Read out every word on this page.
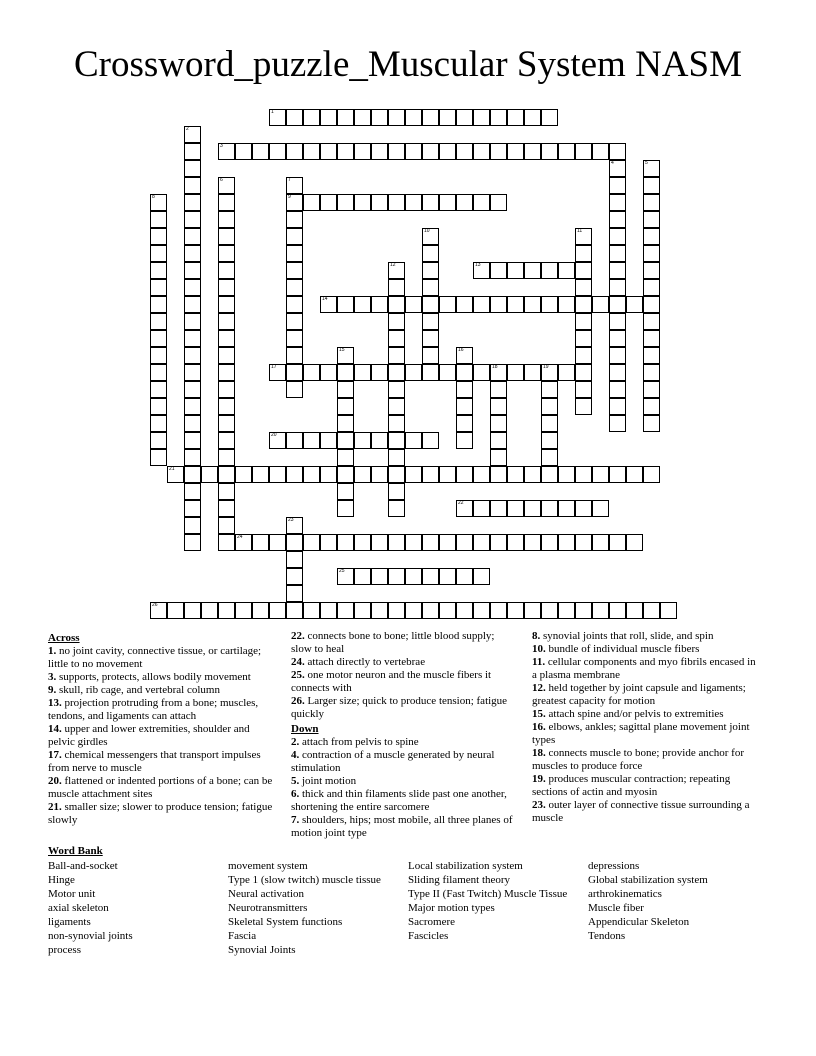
Crossword_puzzle_Muscular System NASM
1
2
3
4	5
6	7
9
8
10	11
12	13
14
15	16
17	18	19
20
21
22
23
24
25
26
Across

1. no joint cavity, connective tissue, or cartilage; little to no movement

3. supports, protects, allows bodily movement

9. skull, rib cage, and vertebral column

13. projection protruding from a bone; muscles, tendons, and ligaments can attach

14. upper and lower extremities, shoulder and pelvic girdles

17. chemical messengers that transport impulses from nerve to muscle

20. flattened or indented portions of a bone; can be muscle attachment sites

21. smaller size; slower to produce tension; fatigue slowly

22. connects bone to bone; little blood supply; slow to heal

24. attach directly to vertebrae

25. one motor neuron and the muscle fibers it connects with

26. Larger size; quick to produce tension; fatigue quickly

Down

2. attach from pelvis to spine

4. contraction of a muscle generated by neural stimulation

5. joint motion

6. thick and thin filaments slide past one another, shortening the entire sarcomere

7. shoulders, hips; most mobile, all three planes of motion joint type

8. synovial joints that roll, slide, and spin

10. bundle of individual muscle fibers

11. cellular components and myo fibrils encased in a plasma membrane

12. held together by joint capsule and ligaments; greatest capacity for motion

15. attach spine and/or pelvis to extremities

16. elbows, ankles; sagittal plane movement joint types

18. connects muscle to bone; provide anchor for muscles to produce force

19. produces muscular contraction; repeating sections of actin and myosin

23. outer layer of connective tissue surrounding a muscle

Word Bank
Ball-and-socket
Hinge
Motor unit
axial skeleton
ligaments
non-synovial joints
process
movement system
Type 1 (slow twitch) muscle tissue
Neural activation
Neurotransmitters
Skeletal System functions
Fascia
Synovial Joints
Local stabilization system
Sliding filament theory
Type II (Fast Twitch) Muscle Tissue
Major motion types
Sacromere
Fascicles
depressions
Global stabilization system
arthrokinematics
Muscle fiber
Appendicular Skeleton
Tendons
